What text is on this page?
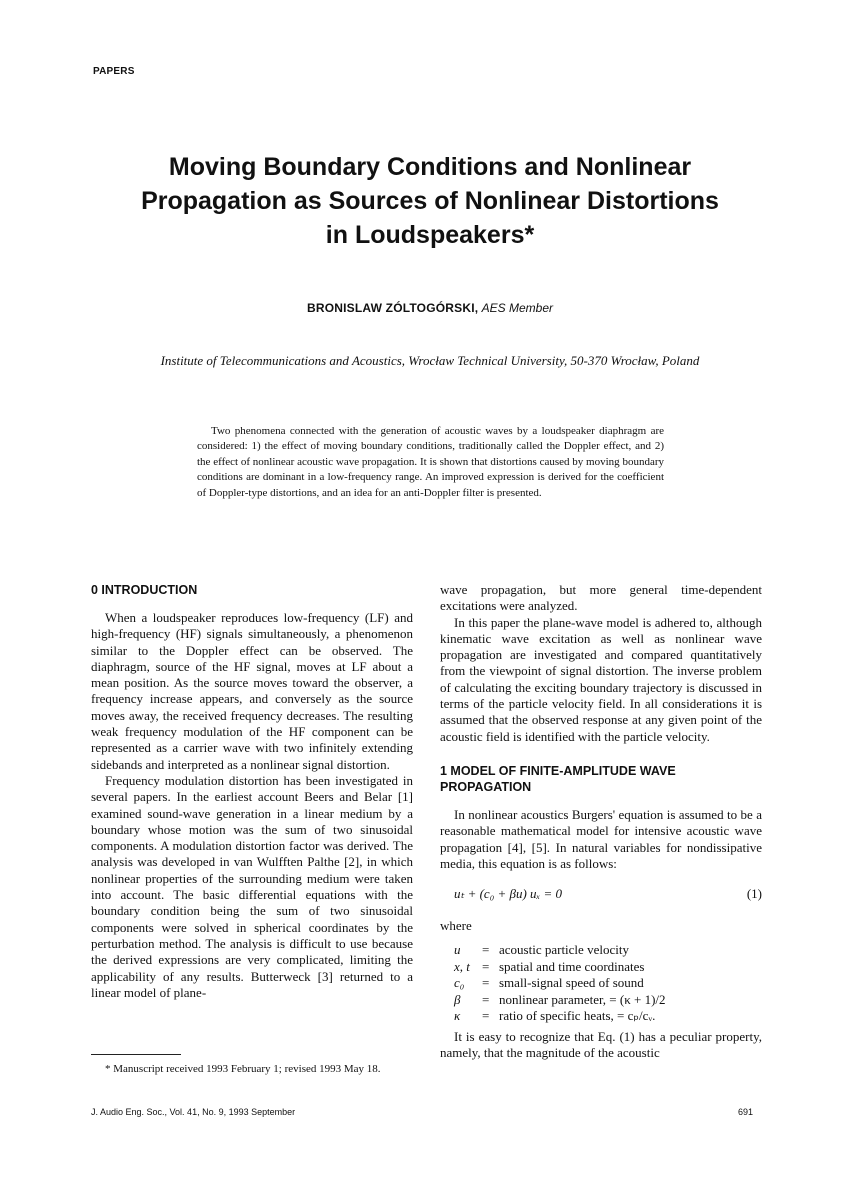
PAPERS
Moving Boundary Conditions and Nonlinear
Propagation as Sources of Nonlinear Distortions
in Loudspeakers*
BRONISLAW ZÓLTOGÓRSKI, AES Member
Institute of Telecommunications and Acoustics, Wrocław Technical University, 50-370 Wrocław, Poland
Two phenomena connected with the generation of acoustic waves by a loudspeaker diaphragm are considered: 1) the effect of moving boundary conditions, traditionally called the Doppler effect, and 2) the effect of nonlinear acoustic wave propagation. It is shown that distortions caused by moving boundary conditions are dominant in a low-frequency range. An improved expression is derived for the coefficient of Doppler-type distortions, and an idea for an anti-Doppler filter is presented.
0 INTRODUCTION

When a loudspeaker reproduces low-frequency (LF) and high-frequency (HF) signals simultaneously, a phenomenon similar to the Doppler effect can be observed. The diaphragm, source of the HF signal, moves at LF about a mean position. As the source moves toward the observer, a frequency increase appears, and conversely as the source moves away, the received frequency decreases. The resulting weak frequency modulation of the HF component can be represented as a carrier wave with two infinitely extending sidebands and interpreted as a nonlinear signal distortion.

Frequency modulation distortion has been investigated in several papers. In the earliest account Beers and Belar [1] examined sound-wave generation in a linear medium by a boundary whose motion was the sum of two sinusoidal components. A modulation distortion factor was derived. The analysis was developed in van Wulfften Palthe [2], in which nonlinear properties of the surrounding medium were taken into account. The basic differential equations with the boundary condition being the sum of two sinusoidal components were solved in spherical coordinates by the perturbation method. The analysis is difficult to use because the derived expressions are very complicated, limiting the applicability of any results. Butterweck [3] returned to a linear model of plane-

wave propagation, but more general time-dependent excitations were analyzed.

In this paper the plane-wave model is adhered to, although kinematic wave excitation as well as nonlinear wave propagation are investigated and compared quantitatively from the viewpoint of signal distortion. The inverse problem of calculating the exciting boundary trajectory is discussed in terms of the particle velocity field. In all considerations it is assumed that the observed response at any given point of the acoustic field is identified with the particle velocity.

1 MODEL OF FINITE-AMPLITUDE WAVE
PROPAGATION

In nonlinear acoustics Burgers' equation is assumed to be a reasonable mathematical model for intensive acoustic wave propagation [4], [5]. In natural variables for nondissipative media, this equation is as follows:

uₜ + (c₀ + βu) uₓ = 0	(1)

where

u	= acoustic particle velocity
x, t = spatial and time coordinates
c₀	= small-signal speed of sound
β	= nonlinear parameter, = (κ + 1)/2
κ	= ratio of specific heats, = cₚ/cᵥ.

It is easy to recognize that Eq. (1) has a peculiar property, namely, that the magnitude of the acoustic

* Manuscript received 1993 February 1; revised 1993 May 18.
J. Audio Eng. Soc., Vol. 41, No. 9, 1993 September	691
